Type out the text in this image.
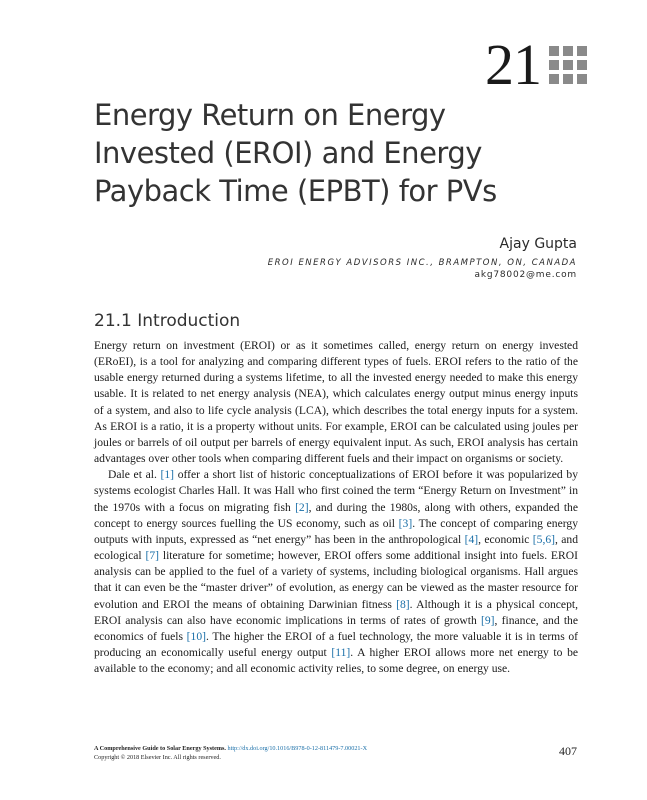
21
Energy Return on Energy Invested (EROI) and Energy Payback Time (EPBT) for PVs
Ajay Gupta
EROI ENERGY ADVISORS INC., BRAMPTON, ON, CANADA
akg78002@me.com
21.1 Introduction

Energy return on investment (EROI) or as it sometimes called, energy return on energy invested (ERoEI), is a tool for analyzing and comparing different types of fuels. EROI refers to the ratio of the usable energy returned during a systems lifetime, to all the invested energy needed to make this energy usable. It is related to net energy analysis (NEA), which calculates energy output minus energy inputs of a system, and also to life cycle analysis (LCA), which describes the total energy inputs for a system. As EROI is a ratio, it is a property without units. For example, EROI can be calculated using joules per joules or barrels of oil output per barrels of energy equivalent input. As such, EROI analysis has certain advantages over other tools when comparing different fuels and their impact on organisms or society.

Dale et al. [1] offer a short list of historic conceptualizations of EROI before it was popularized by systems ecologist Charles Hall. It was Hall who first coined the term “Energy Return on Investment” in the 1970s with a focus on migrating fish [2], and during the 1980s, along with others, expanded the concept to energy sources fuelling the US economy, such as oil [3]. The concept of comparing energy outputs with inputs, expressed as “net energy” has been in the anthropological [4], economic [5,6], and ecological [7] literature for sometime; however, EROI offers some additional insight into fuels. EROI analysis can be applied to the fuel of a variety of systems, including biological organisms. Hall argues that it can even be the “master driver” of evolution, as energy can be viewed as the master resource for evolution and EROI the means of obtaining Darwinian fitness [8]. Although it is a physical concept, EROI analysis can also have economic implications in terms of rates of growth [9], finance, and the economics of fuels [10]. The higher the EROI of a fuel technology, the more valuable it is in terms of producing an economically useful energy output [11]. A higher EROI allows more net energy to be available to the economy; and all economic activity relies, to some degree, on energy use.

A Comprehensive Guide to Solar Energy Systems. http://dx.doi.org/10.1016/B978-0-12-811479-7.00021-X
Copyright © 2018 Elsevier Inc. All rights reserved.	407
